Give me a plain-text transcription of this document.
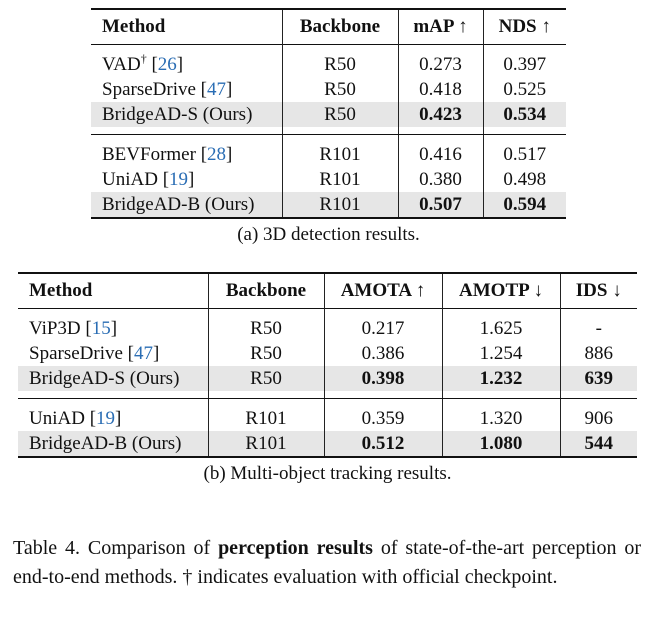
Method	Backbone	mAP ↑	NDS ↑

VAD† [26]	R50	0.273	0.397
SparseDrive [47]	R50	0.418	0.525
BridgeAD-S (Ours)	R50	0.423	0.534

BEVFormer [28]	R101	0.416	0.517
UniAD [19]	R101	0.380	0.498
BridgeAD-B (Ours)	R101	0.507	0.594
(a) 3D detection results.
Method	Backbone	AMOTA ↑	AMOTP ↓	IDS ↓

ViP3D [15]	R50	0.217	1.625	-
SparseDrive [47]	R50	0.386	1.254	886
BridgeAD-S (Ours)	R50	0.398	1.232	639

UniAD [19]	R101	0.359	1.320	906
BridgeAD-B (Ours)	R101	0.512	1.080	544
(b) Multi-object tracking results.
Table 4. Comparison of perception results of state-of-the-art perception or end-to-end methods. † indicates evaluation with official checkpoint.
